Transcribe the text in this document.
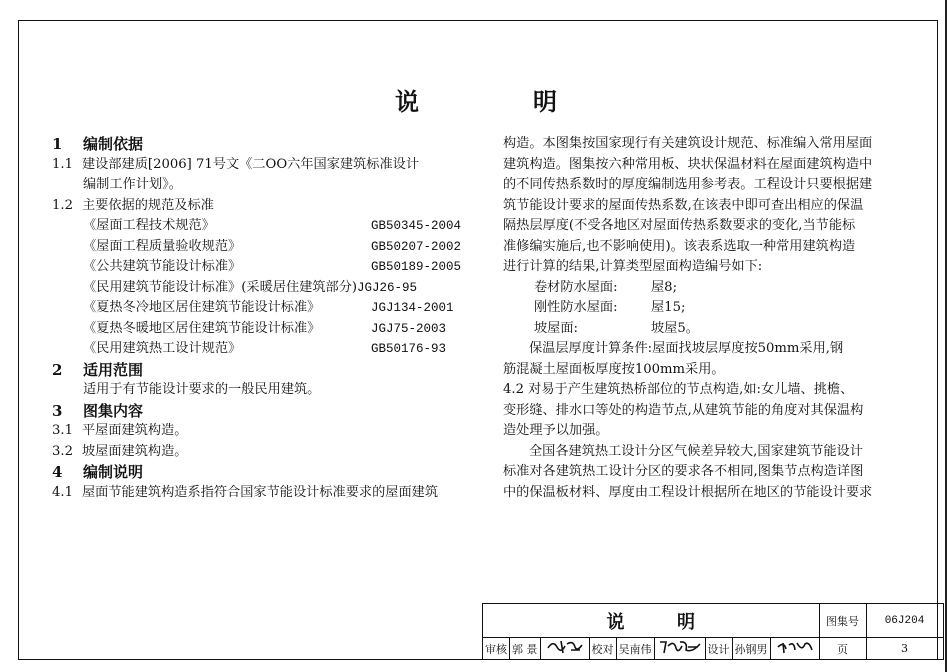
说	明
1 编制依据
1.1 建设部建质[2006] 71号文《二OO六年国家建筑标准设计
编制工作计划》。
1.2 主要依据的规范及标准
《屋面工程技术规范》	GB50345-2004
《屋面工程质量验收规范》	GB50207-2002
《公共建筑节能设计标准》	GB50189-2005
《民用建筑节能设计标准》(采暖居住建筑部分) JGJ26-95
《夏热冬冷地区居住建筑节能设计标准》	JGJ134-2001
《夏热冬暖地区居住建筑节能设计标准》	JGJ75-2003
《民用建筑热工设计规范》	GB50176-93
2 适用范围
适用于有节能设计要求的一般民用建筑。
3 图集内容
3.1 平屋面建筑构造。
3.2 坡屋面建筑构造。
4 编制说明
4.1 屋面节能建筑构造系指符合国家节能设计标准要求的屋面建筑
构造。本图集按国家现行有关建筑设计规范、标准编入常用屋面
建筑构造。图集按六种常用板、块状保温材料在屋面建筑构造中
的不同传热系数时的厚度编制选用参考表。工程设计只要根据建
筑节能设计要求的屋面传热系数,在该表中即可查出相应的保温
隔热层厚度(不受各地区对屋面传热系数要求的变化,当节能标
准修编实施后,也不影响使用)。该表系选取一种常用建筑构造
进行计算的结果,计算类型屋面构造编号如下:
卷材防水屋面:	屋8;
刚性防水屋面:	屋15;
坡屋面:	坡屋5。
保温层厚度计算条件:屋面找坡层厚度按50mm采用,钢
筋混凝土屋面板厚度按100mm采用。
4.2 对易于产生建筑热桥部位的节点构造,如:女儿墙、挑檐、
变形缝、排水口等处的构造节点,从建筑节能的角度对其保温构
造处理予以加强。
全国各建筑热工设计分区气候差异较大,国家建筑节能设计
标准对各建筑热工设计分区的要求各不相同,图集节点构造详图
中的保温板材料、厚度由工程设计根据所在地区的节能设计要求
说 明									图集号	06J204
审核	郭 景		校对	吴南伟		设计	孙钢男		页	3
